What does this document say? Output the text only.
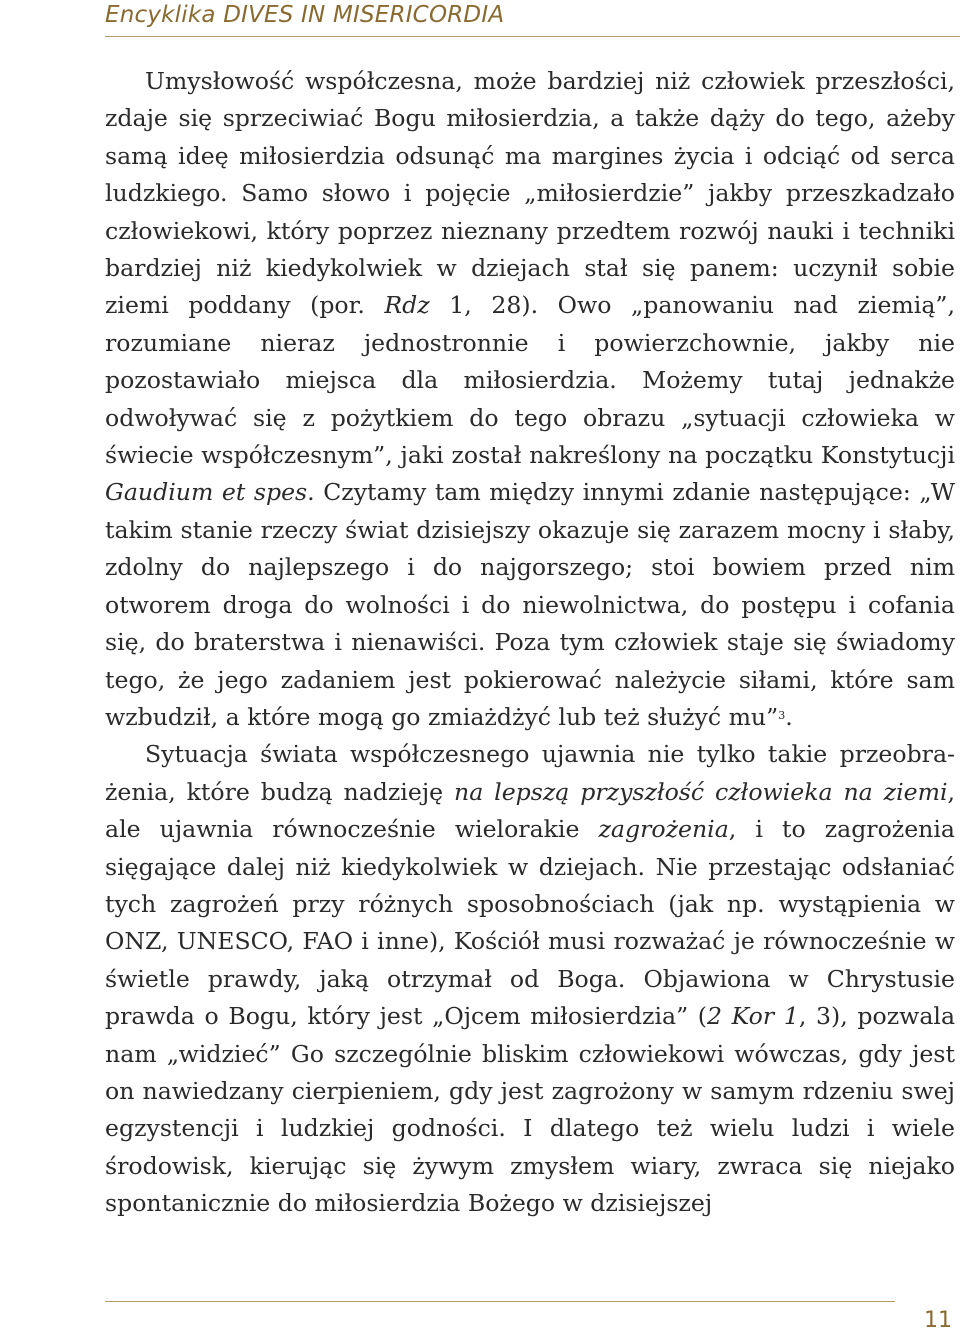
Encyklika DIVES IN MISERICORDIA

Umysłowość współczesna, może bardziej niż człowiek przeszłości, zdaje się sprzeciwiać Bogu miłosierdzia, a także dąży do tego, ażeby samą ideę miłosierdzia odsunąć ma margines życia i odciąć od serca ludzkiego. Samo słowo i pojęcie „miłosierdzie” jakby przeszkadzało człowiekowi, który poprzez nieznany przedtem rozwój nauki i techniki bardziej niż kiedykolwiek w dziejach stał się panem: uczynił sobie ziemi poddany (por. Rdz 1, 28). Owo „panowaniu nad ziemią”, rozumiane nieraz jednostronnie i powierzchownie, jakby nie pozostawiało miejsca dla miłosierdzia. Możemy tutaj jednakże odwoływać się z pożytkiem do tego obrazu „sytuacji człowieka w świecie współczesnym”, jaki został nakreślony na początku Konstytucji Gaudium et spes. Czytamy tam między innymi zdanie następujące: „W takim stanie rzeczy świat dzisiejszy okazuje się zarazem mocny i słaby, zdolny do najlepszego i do najgorszego; stoi bowiem przed nim otworem droga do wolności i do niewolnictwa, do postępu i cofania się, do braterstwa i nienawiści. Poza tym człowiek staje się świadomy tego, że jego zadaniem jest pokierować należycie siłami, które sam wzbudził, a które mogą go zmiażdżyć lub też służyć mu”$^3$.

Sytuacja świata współczesnego ujawnia nie tylko takie przeobrażenia, które budzą nadzieję na lepszą przyszłość człowieka na ziemi, ale ujawnia równocześnie wielorakie zagrożenia, i to zagrożenia sięgające dalej niż kiedykolwiek w dziejach. Nie przestając odsłaniać tych zagrożeń przy różnych sposobnościach (jak np. wystąpienia w ONZ, UNESCO, FAO i inne), Kościół musi rozważać je równocześnie w świetle prawdy, jaką otrzymał od Boga. Objawiona w Chrystusie prawda o Bogu, który jest „Ojcem miłosierdzia” (2 Kor 1, 3), pozwala nam „widzieć” Go szczególnie bliskim człowiekowi wówczas, gdy jest on nawiedzany cierpieniem, gdy jest zagrożony w samym rdzeniu swej egzystencji i ludzkiej godności. I dlatego też wielu ludzi i wiele środowisk, kierując się żywym zmysłem wiary, zwraca się niejako spontanicznie do miłosierdzia Bożego w dzisiejszej

11
